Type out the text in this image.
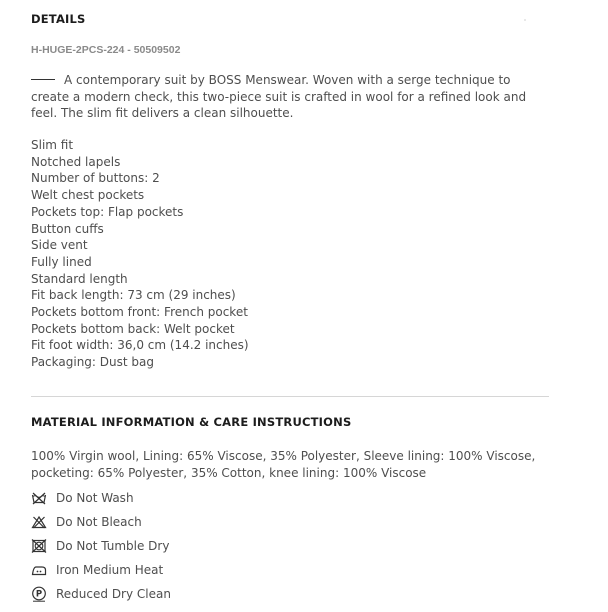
DETAILS
H-HUGE-2PCS-224 - 50509502

A contemporary suit by BOSS Menswear. Woven with a serge technique to create a modern check, this two-piece suit is crafted in wool for a refined look and feel. The slim fit delivers a clean silhouette.

Slim fit
Notched lapels
Number of buttons: 2
Welt chest pockets
Pockets top: Flap pockets
Button cuffs
Side vent
Fully lined
Standard length
Fit back length: 73 cm (29 inches)
Pockets bottom front: French pocket
Pockets bottom back: Welt pocket
Fit foot width: 36,0 cm (14.2 inches)
Packaging: Dust bag
MATERIAL INFORMATION & CARE INSTRUCTIONS

100% Virgin wool, Lining: 65% Viscose, 35% Polyester, Sleeve lining: 100% Viscose, pocketing: 65% Polyester, 35% Cotton, knee lining: 100% Viscose

Do Not Wash
Do Not Bleach
Do Not Tumble Dry
Iron Medium Heat
P Reduced Dry Clean
